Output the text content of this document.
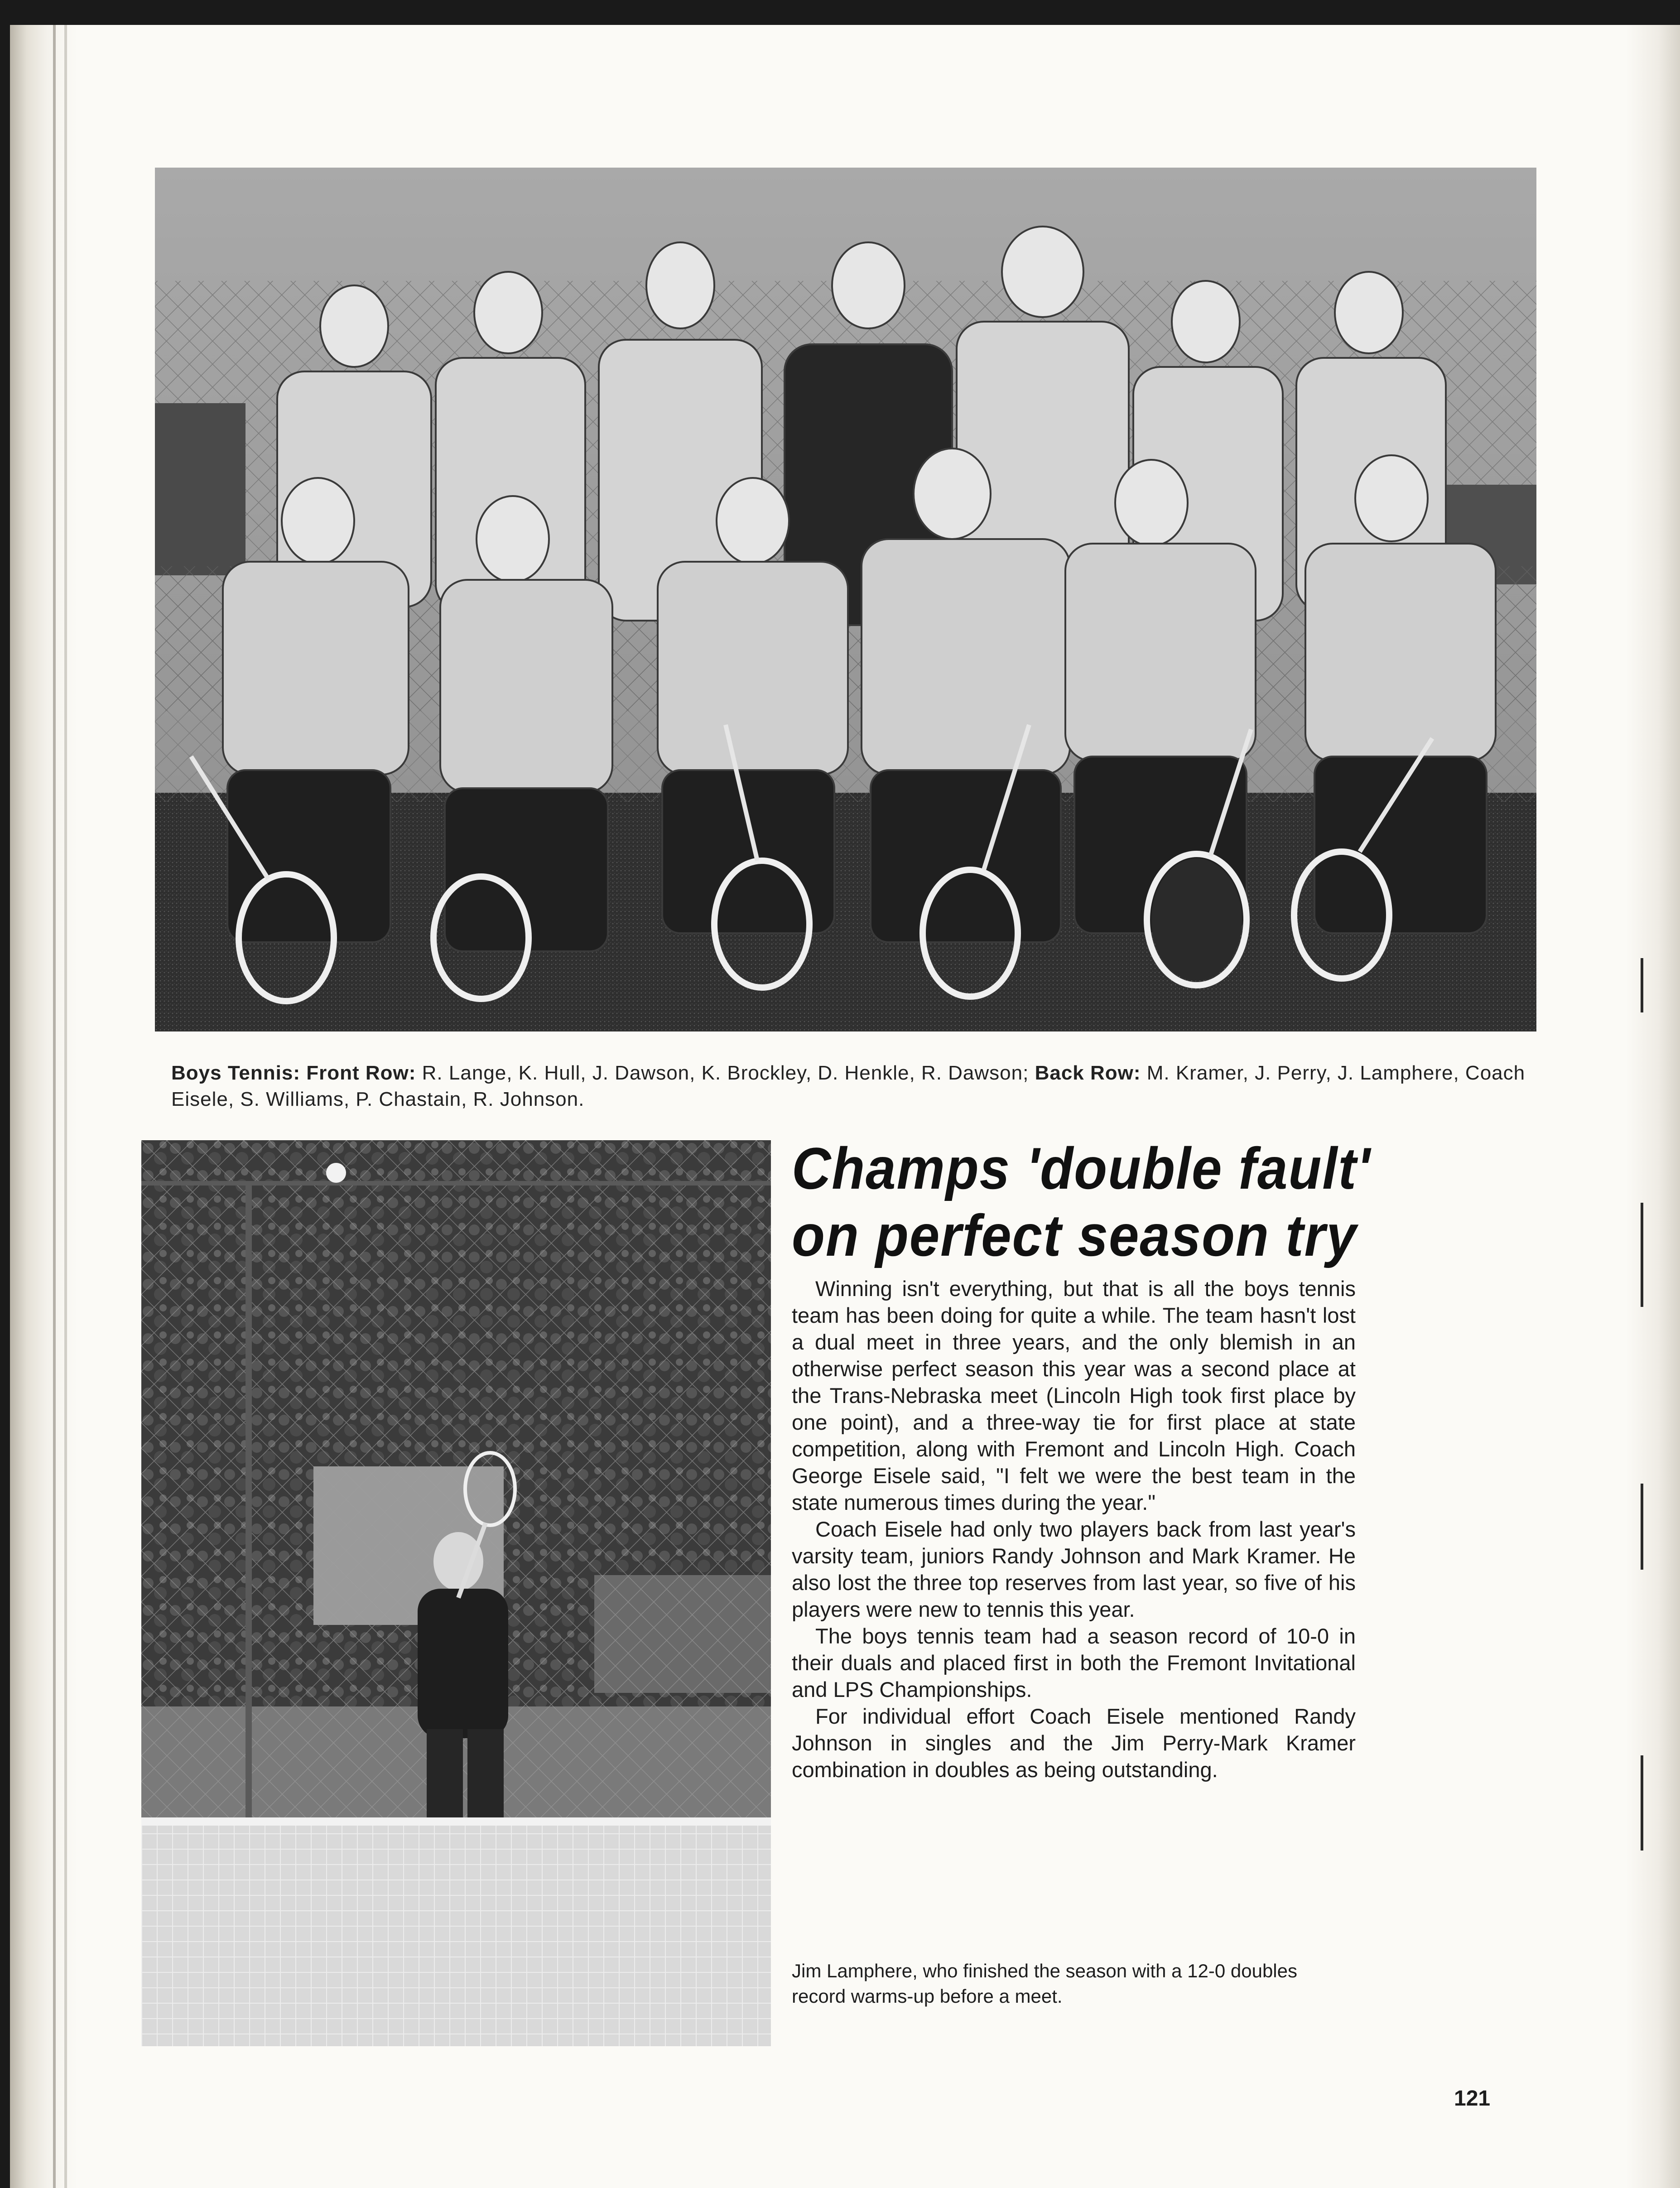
Boys Tennis: Front Row: R. Lange, K. Hull, J. Dawson, K. Brockley, D. Henkle, R. Dawson; Back Row: M. Kramer, J. Perry, J. Lamphere, Coach Eisele, S. Williams, P. Chastain, R. Johnson.
Champs 'double fault'
on perfect season try

Winning isn't everything, but that is all the boys tennis team has been doing for quite a while. The team hasn't lost a dual meet in three years, and the only blemish in an otherwise perfect season this year was a second place at the Trans-Nebraska meet (Lincoln High took first place by one point), and a three-way tie for first place at state competition, along with Fremont and Lincoln High. Coach George Eisele said, "I felt we were the best team in the state numerous times during the year."

Coach Eisele had only two players back from last year's varsity team, juniors Randy Johnson and Mark Kramer. He also lost the three top reserves from last year, so five of his players were new to tennis this year.

The boys tennis team had a season record of 10-0 in their duals and placed first in both the Fremont Invitational and LPS Championships.

For individual effort Coach Eisele mentioned Randy Johnson in singles and the Jim Perry-Mark Kramer combination in doubles as being outstanding.

Jim Lamphere, who finished the season with a 12-0 doubles record warms-up before a meet.
121
